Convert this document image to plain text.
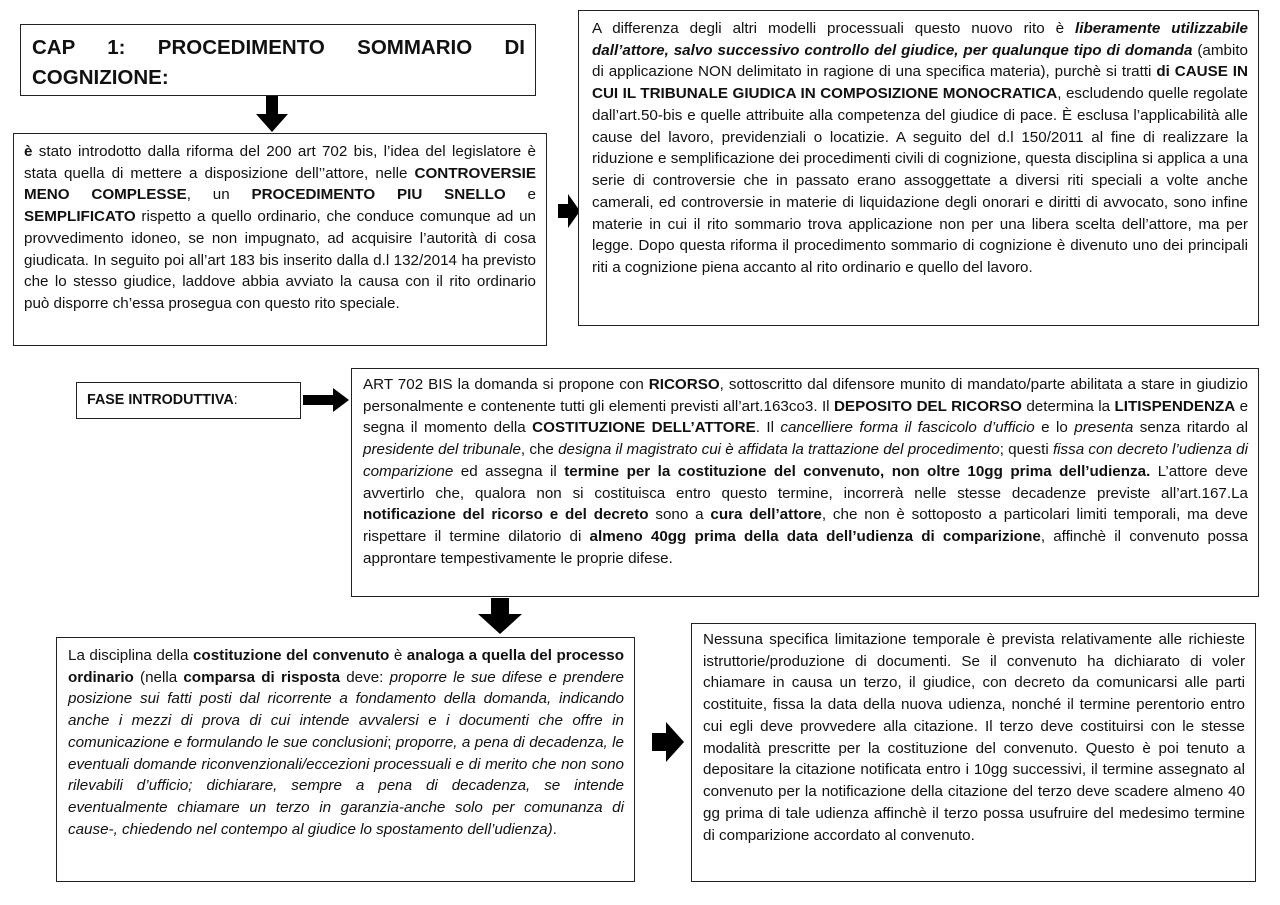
CAP 1: PROCEDIMENTO SOMMARIO DI COGNIZIONE:
è stato introdotto dalla riforma del 200 art 702 bis, l’idea del legislatore è stata quella di mettere a disposizione dell’’attore, nelle CONTROVERSIE MENO COMPLESSE, un PROCEDIMENTO PIU SNELLO e SEMPLIFICATO rispetto a quello ordinario, che conduce comunque ad un provvedimento idoneo, se non impugnato, ad acquisire l’autorità di cosa giudicata. In seguito poi all’art 183 bis inserito dalla d.l 132/2014 ha previsto che lo stesso giudice, laddove abbia avviato la causa con il rito ordinario può disporre ch’essa prosegua con questo rito speciale.
A differenza degli altri modelli processuali questo nuovo rito è liberamente utilizzabile dall’attore, salvo successivo controllo del giudice, per qualunque tipo di domanda (ambito di applicazione NON delimitato in ragione di una specifica materia), purchè si tratti di CAUSE IN CUI IL TRIBUNALE GIUDICA IN COMPOSIZIONE MONOCRATICA, escludendo quelle regolate dall’art.50-bis e quelle attribuite alla competenza del giudice di pace. È esclusa l’applicabilità alle cause del lavoro, previdenziali o locatizie. A seguito del d.l 150/2011 al fine di realizzare la riduzione e semplificazione dei procedimenti civili di cognizione, questa disciplina si applica a una serie di controversie che in passato erano assoggettate a diversi riti speciali a volte anche camerali, ed controversie in materie di liquidazione degli onorari e diritti di avvocato, sono infine materie in cui il rito sommario trova applicazione non per una libera scelta dell’attore, ma per legge. Dopo questa riforma il procedimento sommario di cognizione è divenuto uno dei principali riti a cognizione piena accanto al rito ordinario e quello del lavoro.
FASE INTRODUTTIVA:
ART 702 BIS la domanda si propone con RICORSO, sottoscritto dal difensore munito di mandato/parte abilitata a stare in giudizio personalmente e contenente tutti gli elementi previsti all’art.163co3. Il DEPOSITO DEL RICORSO determina la LITISPENDENZA e segna il momento della COSTITUZIONE DELL’ATTORE. Il cancelliere forma il fascicolo d’ufficio e lo presenta senza ritardo al presidente del tribunale, che designa il magistrato cui è affidata la trattazione del procedimento; questi fissa con decreto l’udienza di comparizione ed assegna il termine per la costituzione del convenuto, non oltre 10gg prima dell’udienza. L’attore deve avvertirlo che, qualora non si costituisca entro questo termine, incorrerà nelle stesse decadenze previste all’art.167.La notificazione del ricorso e del decreto sono a cura dell’attore, che non è sottoposto a particolari limiti temporali, ma deve rispettare il termine dilatorio di almeno 40gg prima della data dell’udienza di comparizione, affinchè il convenuto possa approntare tempestivamente le proprie difese.
La disciplina della costituzione del convenuto è analoga a quella del processo ordinario (nella comparsa di risposta deve: proporre le sue difese e prendere posizione sui fatti posti dal ricorrente a fondamento della domanda, indicando anche i mezzi di prova di cui intende avvalersi e i documenti che offre in comunicazione e formulando le sue conclusioni; proporre, a pena di decadenza, le eventuali domande riconvenzionali/eccezioni processuali e di merito che non sono rilevabili d’ufficio; dichiarare, sempre a pena di decadenza, se intende eventualmente chiamare un terzo in garanzia-anche solo per comunanza di cause-, chiedendo nel contempo al giudice lo spostamento dell’udienza).
Nessuna specifica limitazione temporale è prevista relativamente alle richieste istruttorie/produzione di documenti. Se il convenuto ha dichiarato di voler chiamare in causa un terzo, il giudice, con decreto da comunicarsi alle parti costituite, fissa la data della nuova udienza, nonché il termine perentorio entro cui egli deve provvedere alla citazione. Il terzo deve costituirsi con le stesse modalità prescritte per la costituzione del convenuto. Questo è poi tenuto a depositare la citazione notificata entro i 10gg successivi, il termine assegnato al convenuto per la notificazione della citazione del terzo deve scadere almeno 40 gg prima di tale udienza affinchè il terzo possa usufruire del medesimo termine di comparizione accordato al convenuto.
